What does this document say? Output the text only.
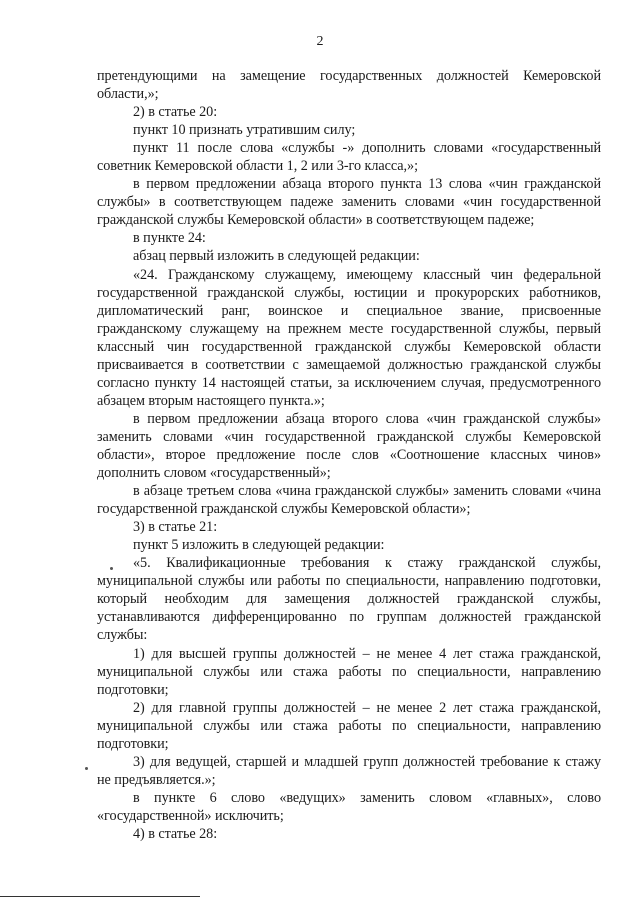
2

претендующими на замещение государственных должностей Кемеровской области,»;

2) в статье 20:

пункт 10 признать утратившим силу;

пункт 11 после слова «службы -» дополнить словами «государственный советник Кемеровской области 1, 2 или 3-го класса,»;

в первом предложении абзаца второго пункта 13 слова «чин гражданской службы» в соответствующем падеже заменить словами «чин государственной гражданской службы Кемеровской области» в соответствующем падеже;

в пункте 24:

абзац первый изложить в следующей редакции:

«24. Гражданскому служащему, имеющему классный чин федеральной государственной гражданской службы, юстиции и прокурорских работников, дипломатический ранг, воинское и специальное звание, присвоенные гражданскому служащему на прежнем месте государственной службы, первый классный чин государственной гражданской службы Кемеровской области присваивается в соответствии с замещаемой должностью гражданской службы согласно пункту 14 настоящей статьи, за исключением случая, предусмотренного абзацем вторым настоящего пункта.»;

в первом предложении абзаца второго слова «чин гражданской службы» заменить словами «чин государственной гражданской службы Кемеровской области», второе предложение после слов «Соотношение классных чинов» дополнить словом «государственный»;

в абзаце третьем слова «чина гражданской службы» заменить словами «чина государственной гражданской службы Кемеровской области»;

3) в статье 21:

пункт 5 изложить в следующей редакции:

«5. Квалификационные требования к стажу гражданской службы, муниципальной службы или работы по специальности, направлению подготовки, который необходим для замещения должностей гражданской службы, устанавливаются дифференцированно по группам должностей гражданской службы:

1) для высшей группы должностей – не менее 4 лет стажа гражданской, муниципальной службы или стажа работы по специальности, направлению подготовки;

2) для главной группы должностей – не менее 2 лет стажа гражданской, муниципальной службы или стажа работы по специальности, направлению подготовки;

3) для ведущей, старшей и младшей групп должностей требование к стажу не предъявляется.»;

в пункте 6 слово «ведущих» заменить словом «главных», слово «государственной» исключить;

4) в статье 28:
